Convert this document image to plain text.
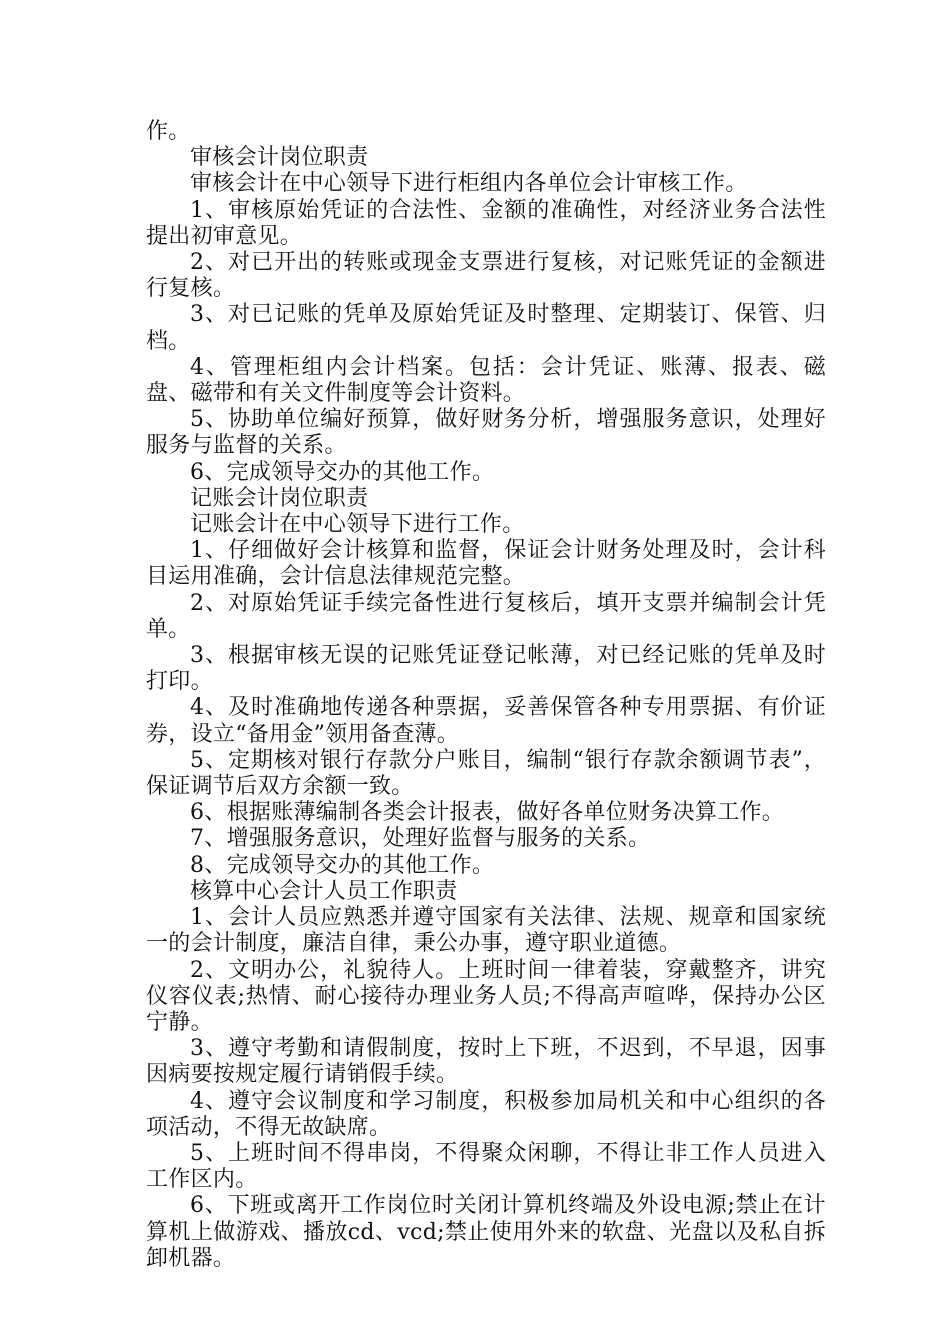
作。

审核会计岗位职责

审核会计在中心领导下进行柜组内各单位会计审核工作。

1、审核原始凭证的合法性、金额的准确性，对经济业务合法性提出初审意见。

2、对已开出的转账或现金支票进行复核，对记账凭证的金额进行复核。

3、对已记账的凭单及原始凭证及时整理、定期装订、保管、归档。

4、管理柜组内会计档案。包括：会计凭证、账薄、报表、磁盘、磁带和有关文件制度等会计资料。

5、协助单位编好预算，做好财务分析，增强服务意识，处理好服务与监督的关系。

6、完成领导交办的其他工作。

记账会计岗位职责

记账会计在中心领导下进行工作。

1、仔细做好会计核算和监督，保证会计财务处理及时，会计科目运用准确，会计信息法律规范完整。

2、对原始凭证手续完备性进行复核后，填开支票并编制会计凭单。

3、根据审核无误的记账凭证登记帐薄，对已经记账的凭单及时打印。

4、及时准确地传递各种票据，妥善保管各种专用票据、有价证券，设立“备用金”领用备查薄。

5、定期核对银行存款分户账目，编制“银行存款余额调节表”，保证调节后双方余额一致。

6、根据账薄编制各类会计报表，做好各单位财务决算工作。

7、增强服务意识，处理好监督与服务的关系。

8、完成领导交办的其他工作。

核算中心会计人员工作职责

1、会计人员应熟悉并遵守国家有关法律、法规、规章和国家统一的会计制度，廉洁自律，秉公办事，遵守职业道德。

2、文明办公，礼貌待人。上班时间一律着装，穿戴整齐，讲究仪容仪表;热情、耐心接待办理业务人员;不得高声喧哗，保持办公区宁静。

3、遵守考勤和请假制度，按时上下班，不迟到，不早退，因事因病要按规定履行请销假手续。

4、遵守会议制度和学习制度，积极参加局机关和中心组织的各项活动，不得无故缺席。

5、上班时间不得串岗，不得聚众闲聊，不得让非工作人员进入工作区内。

6、下班或离开工作岗位时关闭计算机终端及外设电源;禁止在计算机上做游戏、播放cd、vcd;禁止使用外来的软盘、光盘以及私自拆卸机器。
